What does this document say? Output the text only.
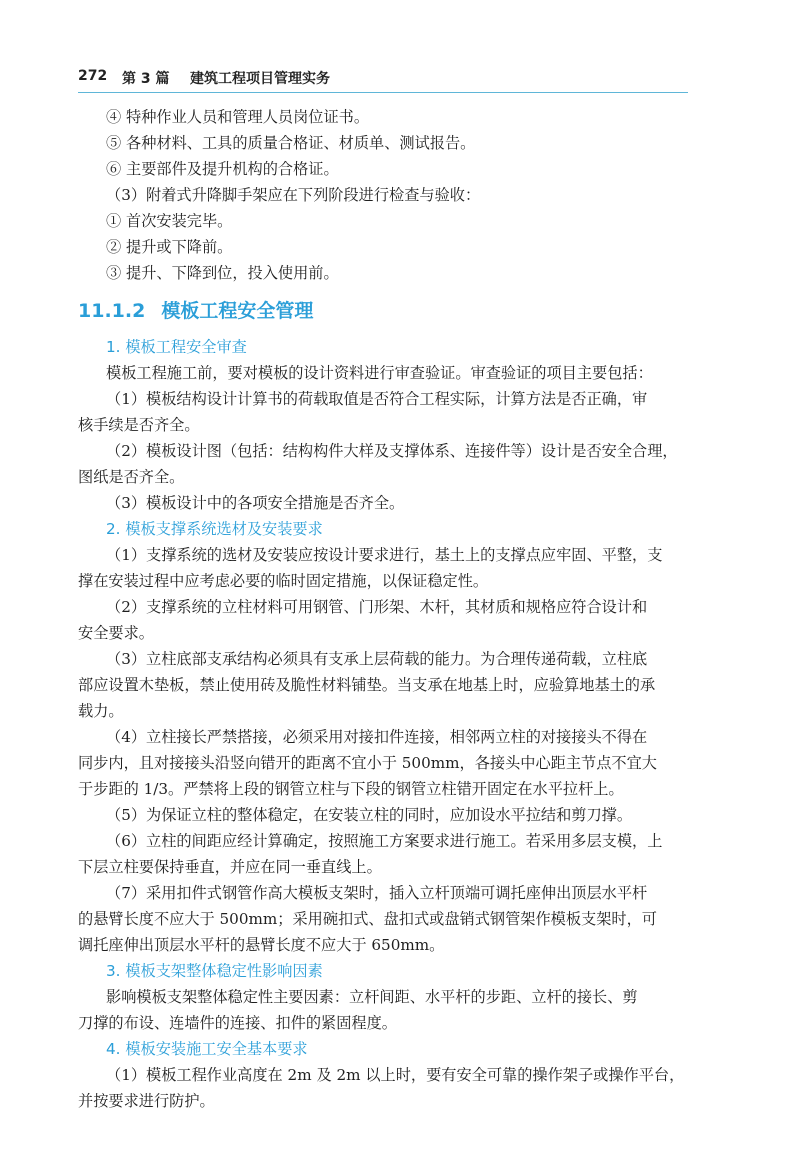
272 第 3 篇 建筑工程项目管理实务
④ 特种作业人员和管理人员岗位证书。
⑤ 各种材料、工具的质量合格证、材质单、测试报告。
⑥ 主要部件及提升机构的合格证。
（3）附着式升降脚手架应在下列阶段进行检查与验收：
① 首次安装完毕。
② 提升或下降前。
③ 提升、下降到位，投入使用前。
11.1.2 模板工程安全管理
1. 模板工程安全审查
模板工程施工前，要对模板的设计资料进行审查验证。审查验证的项目主要包括：
（1）模板结构设计计算书的荷载取值是否符合工程实际，计算方法是否正确，审
核手续是否齐全。
（2）模板设计图（包括：结构构件大样及支撑体系、连接件等）设计是否安全合理，
图纸是否齐全。
（3）模板设计中的各项安全措施是否齐全。
2. 模板支撑系统选材及安装要求
（1）支撑系统的选材及安装应按设计要求进行，基土上的支撑点应牢固、平整，支
撑在安装过程中应考虑必要的临时固定措施，以保证稳定性。
（2）支撑系统的立柱材料可用钢管、门形架、木杆，其材质和规格应符合设计和
安全要求。
（3）立柱底部支承结构必须具有支承上层荷载的能力。为合理传递荷载，立柱底
部应设置木垫板，禁止使用砖及脆性材料铺垫。当支承在地基上时，应验算地基土的承
载力。
（4）立柱接长严禁搭接，必须采用对接扣件连接，相邻两立柱的对接接头不得在
同步内，且对接接头沿竖向错开的距离不宜小于 500mm，各接头中心距主节点不宜大
于步距的 1/3。严禁将上段的钢管立柱与下段的钢管立柱错开固定在水平拉杆上。
（5）为保证立柱的整体稳定，在安装立柱的同时，应加设水平拉结和剪刀撑。
（6）立柱的间距应经计算确定，按照施工方案要求进行施工。若采用多层支模，上
下层立柱要保持垂直，并应在同一垂直线上。
（7）采用扣件式钢管作高大模板支架时，插入立杆顶端可调托座伸出顶层水平杆
的悬臂长度不应大于 500mm；采用碗扣式、盘扣式或盘销式钢管架作模板支架时，可
调托座伸出顶层水平杆的悬臂长度不应大于 650mm。
3. 模板支架整体稳定性影响因素
影响模板支架整体稳定性主要因素：立杆间距、水平杆的步距、立杆的接长、剪
刀撑的布设、连墙件的连接、扣件的紧固程度。
4. 模板安装施工安全基本要求
（1）模板工程作业高度在 2m 及 2m 以上时，要有安全可靠的操作架子或操作平台，
并按要求进行防护。
